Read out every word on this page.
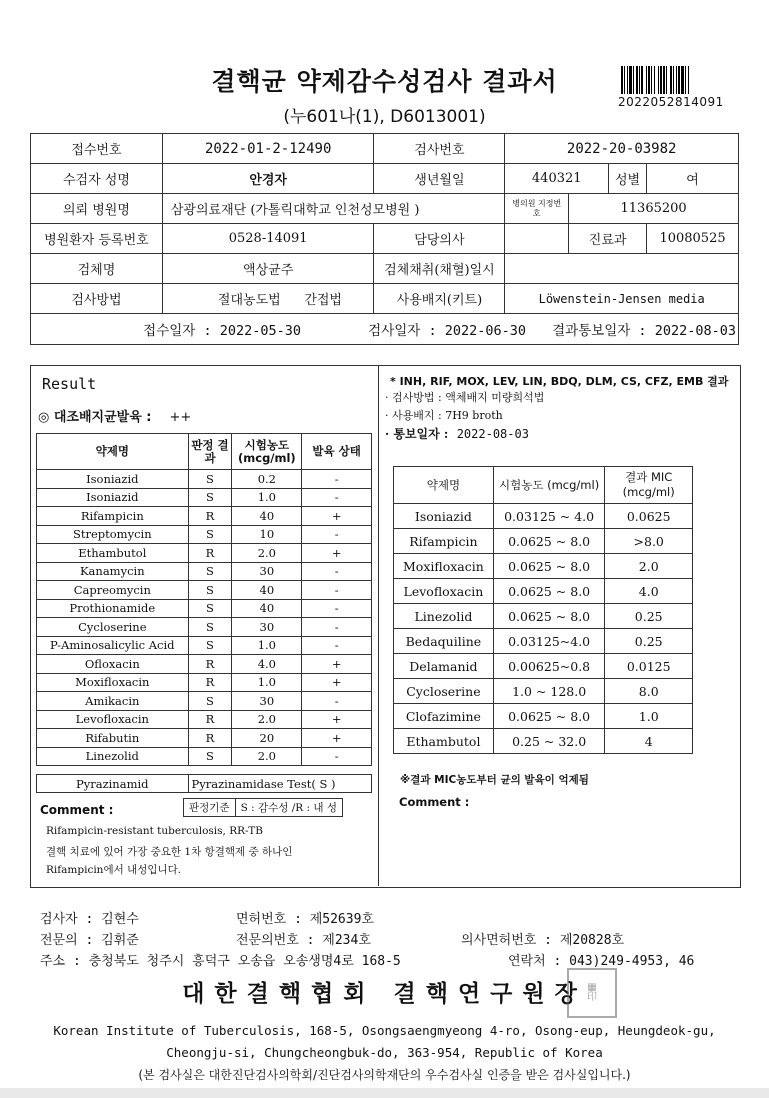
결핵균 약제감수성검사 결과서
(누601나(1), D6013001)
2022052814091
접수번호	2022-01-2-12490	검사번호	2022-20-03982			
수검자 성명	안경자	생년월일	440321		성별	여
의뢰 병원명	삼광의료재단 (가톨릭대학교 인천성모병원 )		병의원 지정번호	11365200		
병원환자 등록번호	0528-14091	담당의사		진료과		10080525
검체명	액상균주	검체채취(채혈)일시				
검사방법	절대농도법 간접법	사용배지(키트)	Löwenstein-Jensen media			
접수일자 : 2022-05-30 검사일자 : 2022-06-30 결과통보일자 : 2022-08-03						
Result
◎ 대조배지균발육 : ++
약제명	판정 결과	시험농도 (mcg/ml)	발육 상태
Isoniazid	S	0.2	-
Isoniazid	S	1.0	-
Rifampicin	R	40	+
Streptomycin	S	10	-
Ethambutol	R	2.0	+
Kanamycin	S	30	-
Capreomycin	S	40	-
Prothionamide	S	40	-
Cycloserine	S	30	-
P-Aminosalicylic Acid	S	1.0	-
Ofloxacin	R	4.0	+
Moxifloxacin	R	1.0	+
Amikacin	S	30	-
Levofloxacin	R	2.0	+
Rifabutin	R	20	+
Linezolid	S	2.0	-
Pyrazinamid	Pyrazinamidase Test( S )
Comment :	판정기준	S : 감수성 /R : 내 성
Rifampicin-resistant tuberculosis, RR-TB
결핵 치료에 있어 가장 중요한 1차 항결핵제 중 하나인
Rifampicin에서 내성입니다.
* INH, RIF, MOX, LEV, LIN, BDQ, DLM, CS, CFZ, EMB 결과
· 검사방법 : 액체배지 미량희석법
· 사용배지 : 7H9 broth
· 통보일자 : 2022-08-03
약제명	시험농도 (mcg/ml)	결과 MIC (mcg/ml)
Isoniazid	0.03125 ~ 4.0	0.0625
Rifampicin	0.0625 ~ 8.0	>8.0
Moxifloxacin	0.0625 ~ 8.0	2.0
Levofloxacin	0.0625 ~ 8.0	4.0
Linezolid	0.0625 ~ 8.0	0.25
Bedaquiline	0.03125~4.0	0.25
Delamanid	0.00625~0.8	0.0125
Cycloserine	1.0 ~ 128.0	8.0
Clofazimine	0.0625 ~ 8.0	1.0
Ethambutol	0.25 ~ 32.0	4
※결과 MIC농도부터 균의 발육이 억제됨
Comment :
검사자 : 김현수	면허번호 : 제52639호
전문의 : 김휘준	전문의번호 : 제234호	의사면허번호 : 제20828호
주소 : 충청북도 청주시 흥덕구 오송읍 오송생명4로 168-5	연락처 : 043)249-4953, 46
대한결핵협회 결핵연구원장 ▦
印
Korean Institute of Tuberculosis, 168-5, Osongsaengmyeong 4-ro, Osong-eup, Heungdeok-gu,
Cheongju-si, Chungcheongbuk-do, 363-954, Republic of Korea
(본 검사실은 대한진단검사의학회/진단검사의학재단의 우수검사실 인증을 받은 검사실입니다.)
